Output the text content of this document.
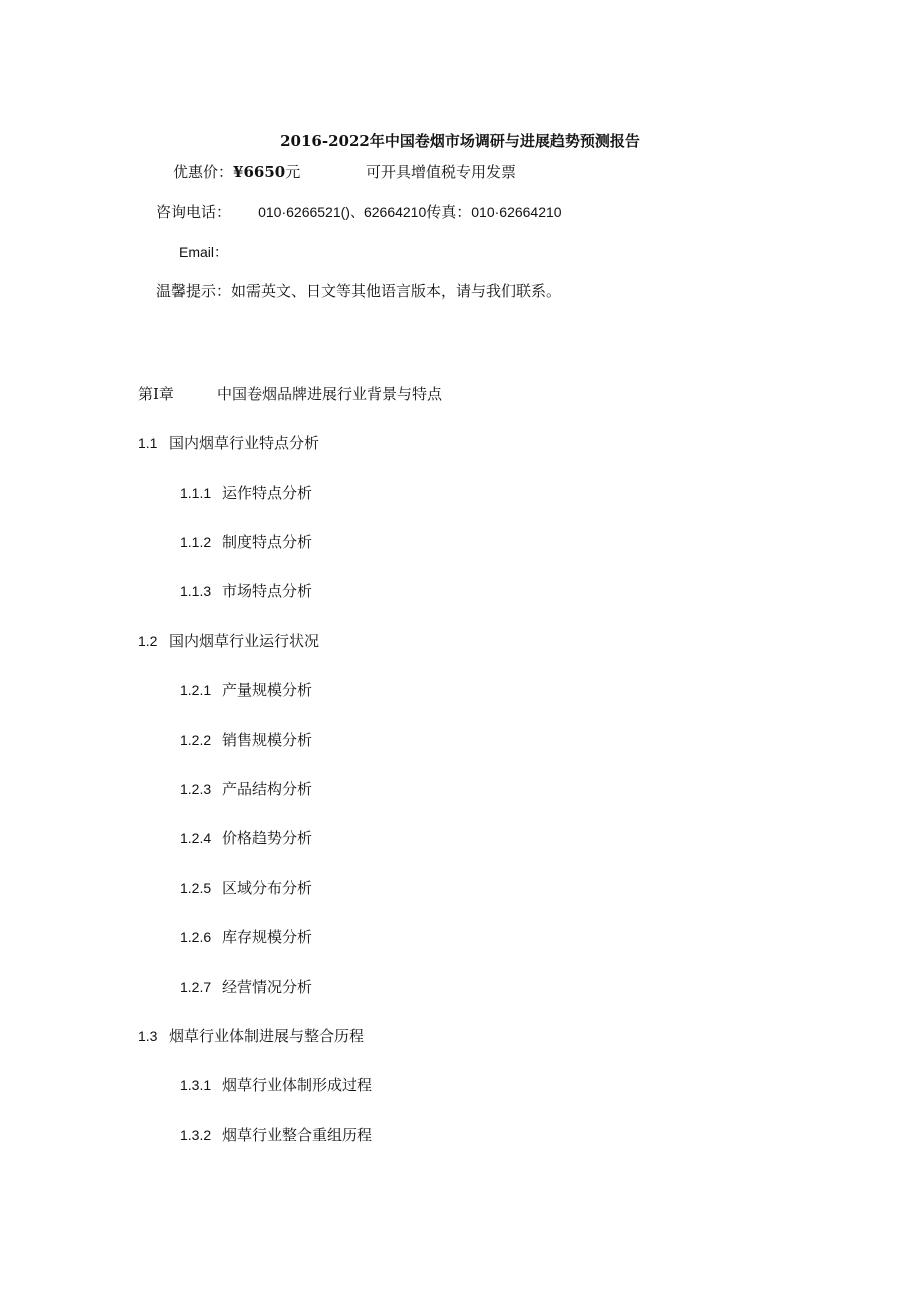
2016-2022年中国卷烟市场调研与进展趋势预测报告
优惠价：¥6650元	可开具增值税专用发票
咨询电话： 010·6266521()、62664210传真：010·62664210
Email：
温馨提示：如需英文、日文等其他语言版本，请与我们联系。
第I章	中国卷烟品牌进展行业背景与特点
1.1 国内烟草行业特点分析
1.1.1 运作特点分析
1.1.2 制度特点分析
1.1.3 市场特点分析
1.2 国内烟草行业运行状况
1.2.1 产量规模分析
1.2.2 销售规模分析
1.2.3 产品结构分析
1.2.4 价格趋势分析
1.2.5 区域分布分析
1.2.6 库存规模分析
1.2.7 经营情况分析
1.3 烟草行业体制进展与整合历程
1.3.1 烟草行业体制形成过程
1.3.2 烟草行业整合重组历程
